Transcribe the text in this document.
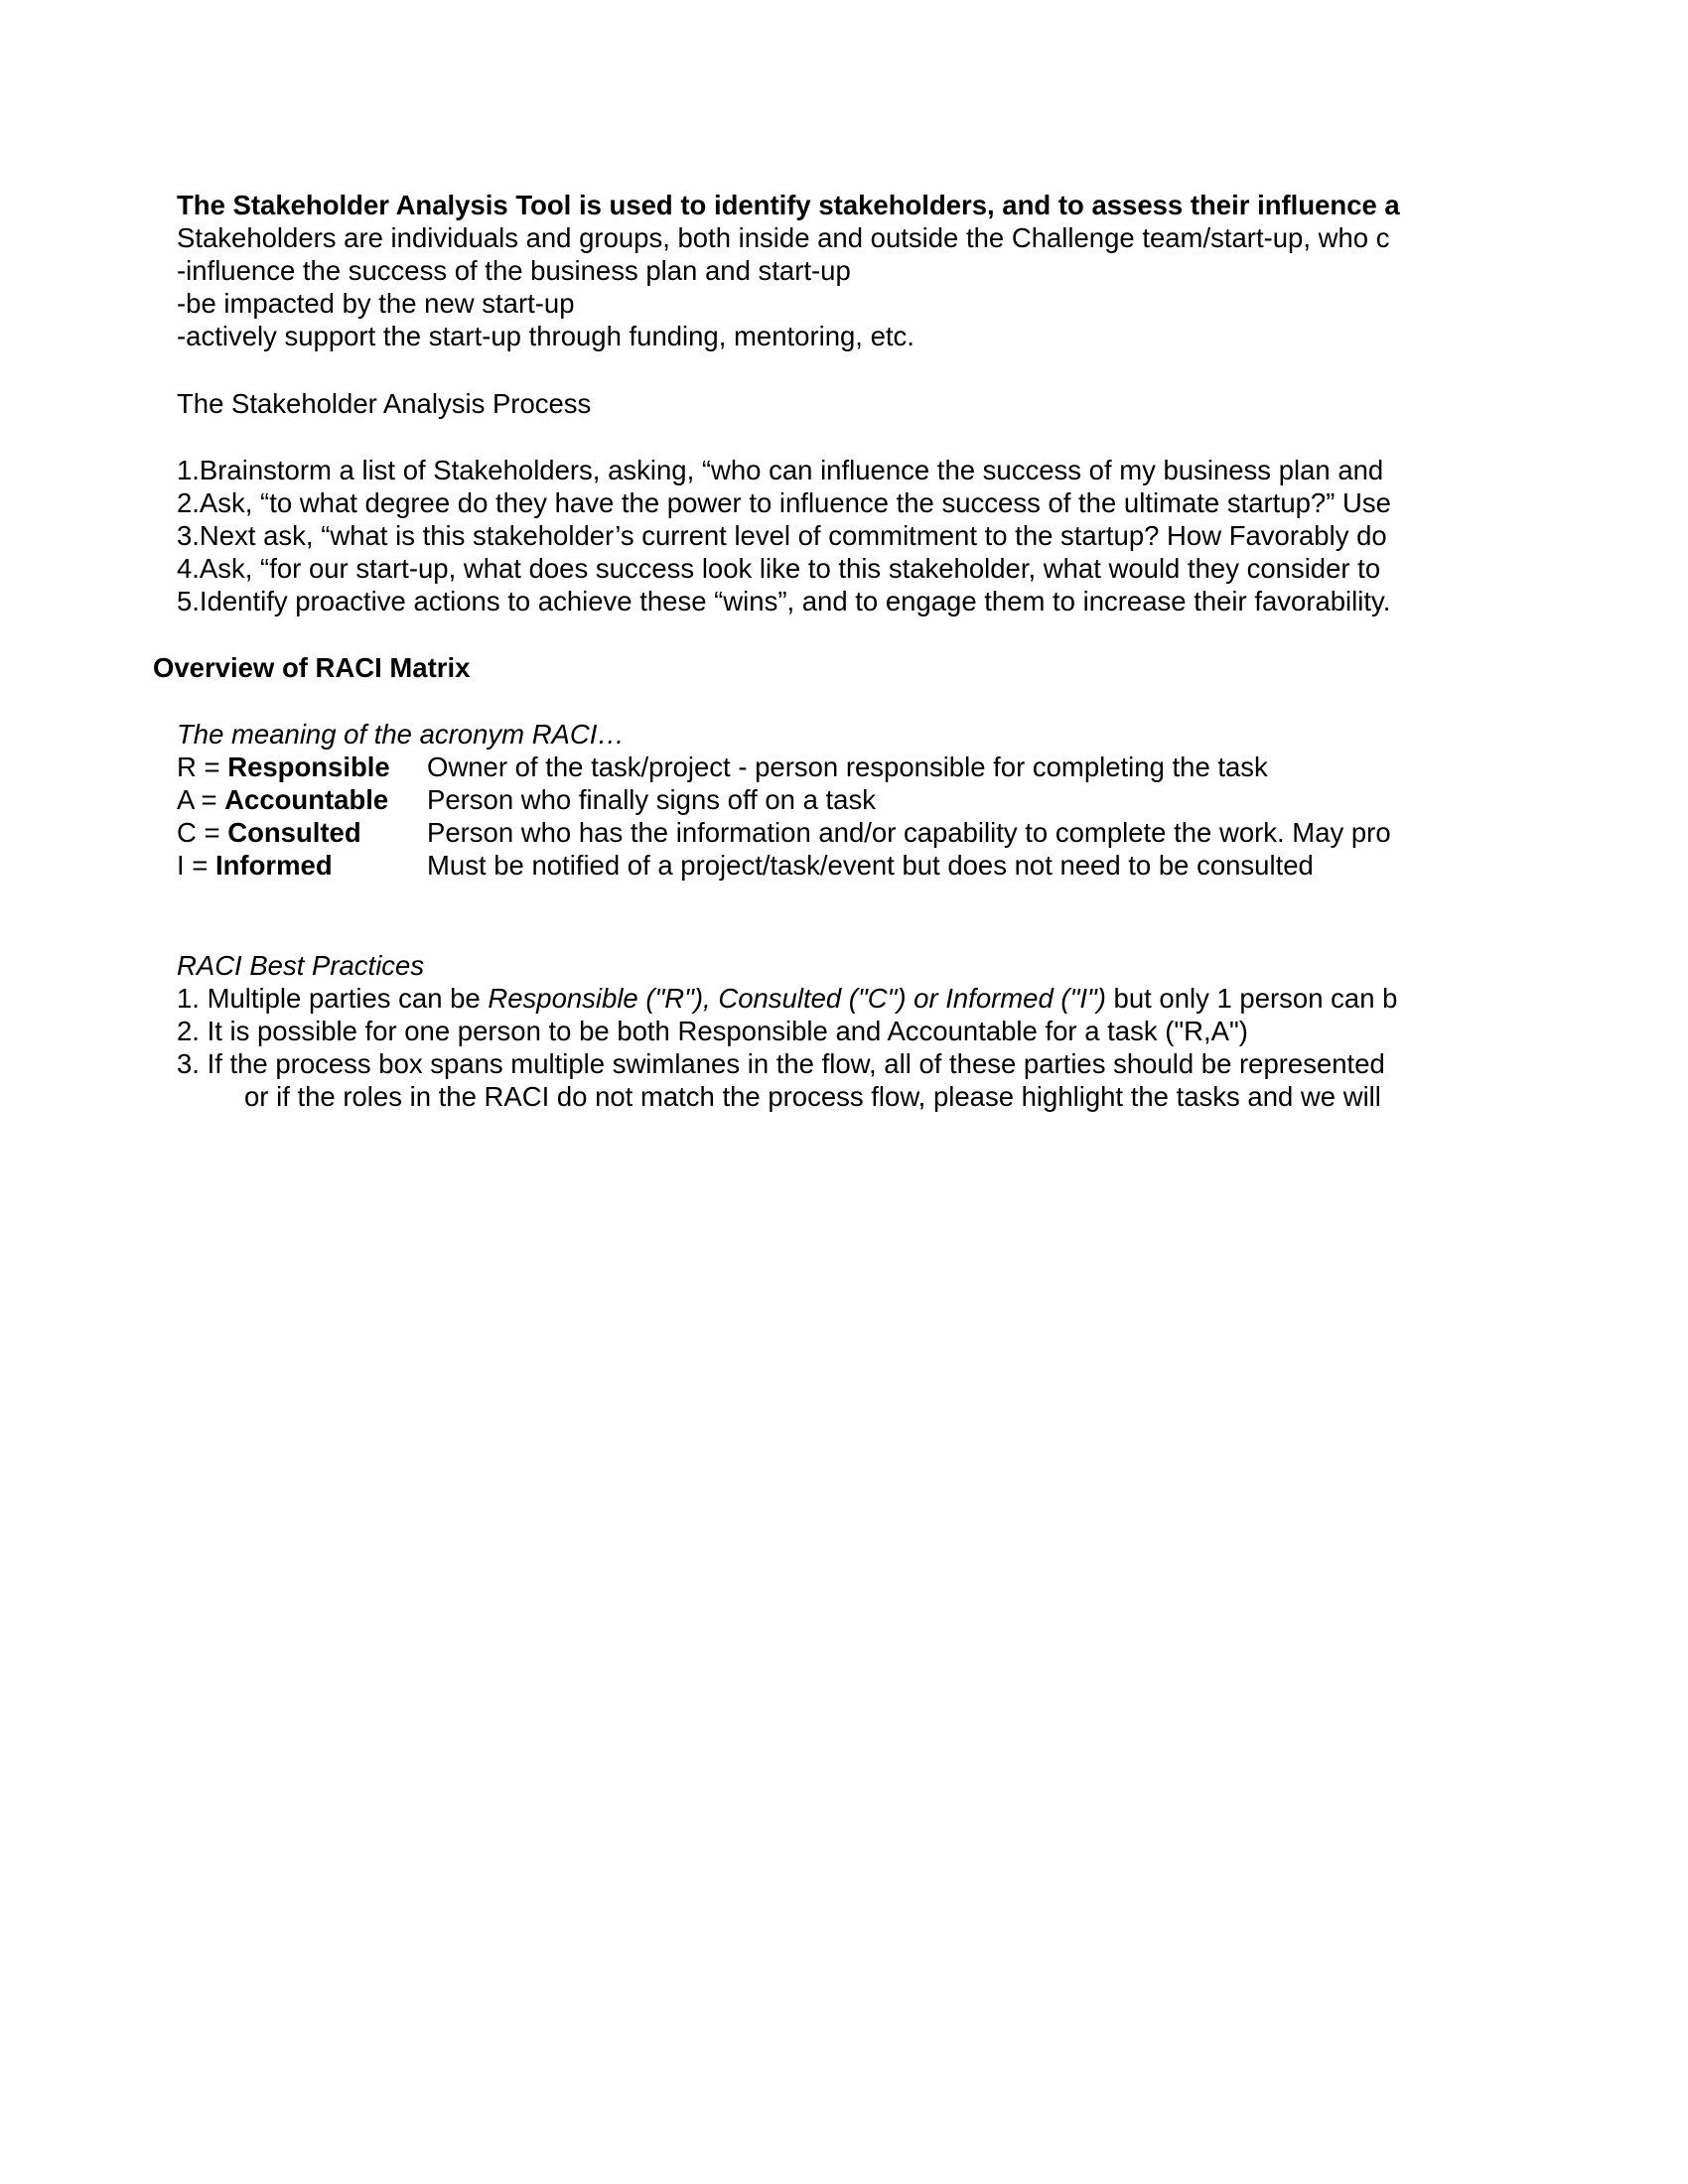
The Stakeholder Analysis Tool is used to identify stakeholders, and to assess their influence a
Stakeholders are individuals and groups, both inside and outside the Challenge team/start-up, who c
-influence the success of the business plan and start-up
-be impacted by the new start-up
-actively support the start-up through funding, mentoring, etc.
The Stakeholder Analysis Process
1.Brainstorm a list of Stakeholders, asking, “who can influence the success of my business plan and
2.Ask, “to what degree do they have the power to influence the success of the ultimate startup?” Use
3.Next ask, “what is this stakeholder’s current level of commitment to the startup? How Favorably do
4.Ask, “for our start-up, what does success look like to this stakeholder, what would they consider to
5.Identify proactive actions to achieve these “wins”, and to engage them to increase their favorability.
Overview of RACI Matrix
The meaning of the acronym RACI…
R = Responsible Owner of the task/project - person responsible for completing the task
A = Accountable Person who finally signs off on a task
C = Consulted Person who has the information and/or capability to complete the work. May pro
I = Informed	Must be notified of a project/task/event but does not need to be consulted
RACI Best Practices
1. Multiple parties can be Responsible ("R"), Consulted ("C") or Informed ("I") but only 1 person can b
2. It is possible for one person to be both Responsible and Accountable for a task ("R,A")
3. If the process box spans multiple swimlanes in the flow, all of these parties should be represented
or if the roles in the RACI do not match the process flow, please highlight the tasks and we will
